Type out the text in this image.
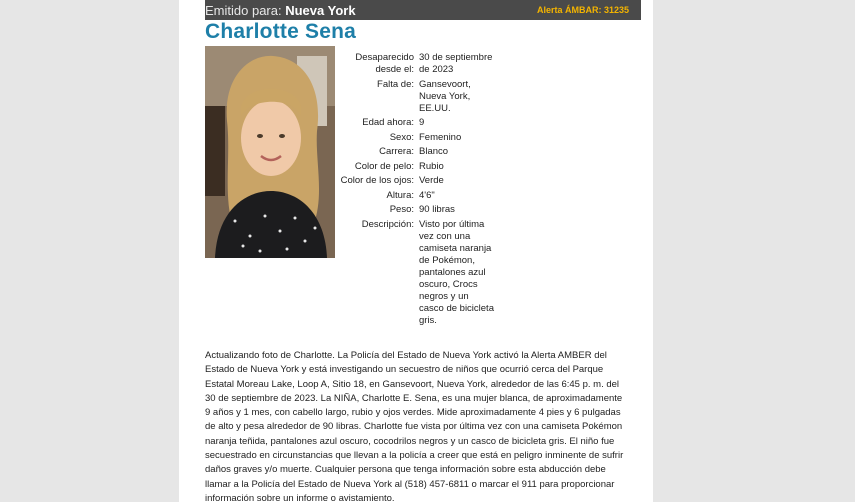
Emitido para: Nueva York	Alerta ÁMBAR: 31235
Charlotte Sena
Desaparecido desde el:
30 de septiembre de 2023
Falta de: Gansevoort, Nueva York, EE.UU.
Edad ahora: 9
Sexo: Femenino
Carrera: Blanco
Color de pelo: Rubio
Color de los ojos: Verde
Altura: 4'6"
Peso: 90 libras
Descripción: Visto por última vez con una camiseta naranja de Pokémon, pantalones azul oscuro, Crocs negros y un casco de bicicleta gris.
Actualizando foto de Charlotte. La Policía del Estado de Nueva York activó la Alerta AMBER del Estado de Nueva York y está investigando un secuestro de niños que ocurrió cerca del Parque Estatal Moreau Lake, Loop A, Sitio 18, en Gansevoort, Nueva York, alrededor de las 6:45 p. m. del 30 de septiembre de 2023. La NIÑA, Charlotte E. Sena, es una mujer blanca, de aproximadamente 9 años y 1 mes, con cabello largo, rubio y ojos verdes. Mide aproximadamente 4 pies y 6 pulgadas de alto y pesa alrededor de 90 libras. Charlotte fue vista por última vez con una camiseta Pokémon naranja teñida, pantalones azul oscuro, cocodrilos negros y un casco de bicicleta gris. El niño fue secuestrado en circunstancias que llevan a la policía a creer que está en peligro inminente de sufrir daños graves y/o muerte. Cualquier persona que tenga información sobre esta abducción debe llamar a la Policía del Estado de Nueva York al (518) 457-6811 o marcar el 911 para proporcionar información sobre un informe o avistamiento.
